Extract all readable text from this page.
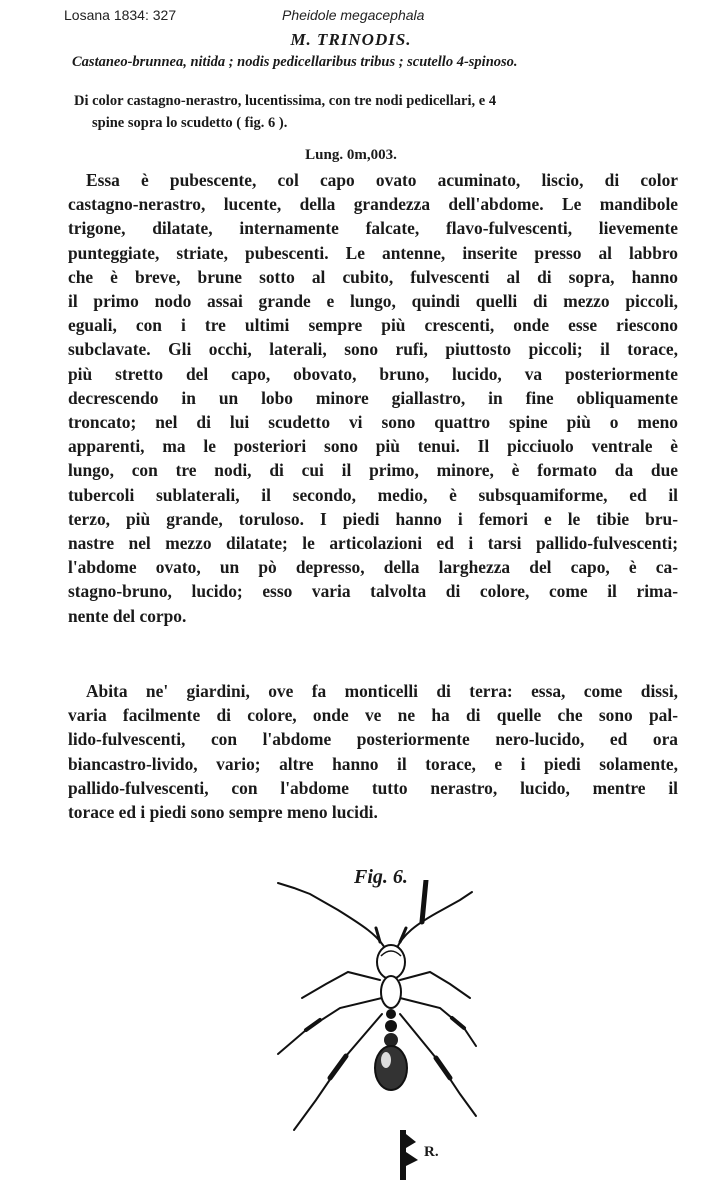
Losana 1834: 327	Pheidole megacephala
M. TRINODIS.
Castaneo-brunnea, nitida ; nodis pedicellaribus tribus ; scutello 4-spinoso.
Di color castagno-nerastro, lucentissima, con tre nodi pedicellari, e 4
spine sopra lo scudetto ( fig. 6 ).
Lung. 0m,003.
Essa è pubescente, col capo ovato acuminato, liscio, di color
castagno-nerastro, lucente, della grandezza dell'abdome. Le mandibole
trigone, dilatate, internamente falcate, flavo-fulvescenti, lievemente
punteggiate, striate, pubescenti. Le antenne, inserite presso al labbro
che è breve, brune sotto al cubito, fulvescenti al di sopra, hanno
il primo nodo assai grande e lungo, quindi quelli di mezzo piccoli,
eguali, con i tre ultimi sempre più crescenti, onde esse riescono
subclavate. Gli occhi, laterali, sono rufi, piuttosto piccoli; il torace,
più stretto del capo, obovato, bruno, lucido, va posteriormente
decrescendo in un lobo minore giallastro, in fine obliquamente
troncato; nel di lui scudetto vi sono quattro spine più o meno
apparenti, ma le posteriori sono più tenui. Il picciuolo ventrale è
lungo, con tre nodi, di cui il primo, minore, è formato da due
tubercoli sublaterali, il secondo, medio, è subsquamiforme, ed il
terzo, più grande, toruloso. I piedi hanno i femori e le tibie bru-
nastre nel mezzo dilatate; le articolazioni ed i tarsi pallido-fulvescenti;
l'abdome ovato, un pò depresso, della larghezza del capo, è ca-
stagno-bruno, lucido; esso varia talvolta di colore, come il rima-
nente del corpo.
Abita ne' giardini, ove fa monticelli di terra: essa, come dissi,
varia facilmente di colore, onde ve ne ha di quelle che sono pal-
lido-fulvescenti, con l'abdome posteriormente nero-lucido, ed ora
biancastro-livido, vario; altre hanno il torace, e i piedi solamente,
pallido-fulvescenti, con l'abdome tutto nerastro, lucido, mentre il
torace ed i piedi sono sempre meno lucidi.
Fig. 6.
R.
